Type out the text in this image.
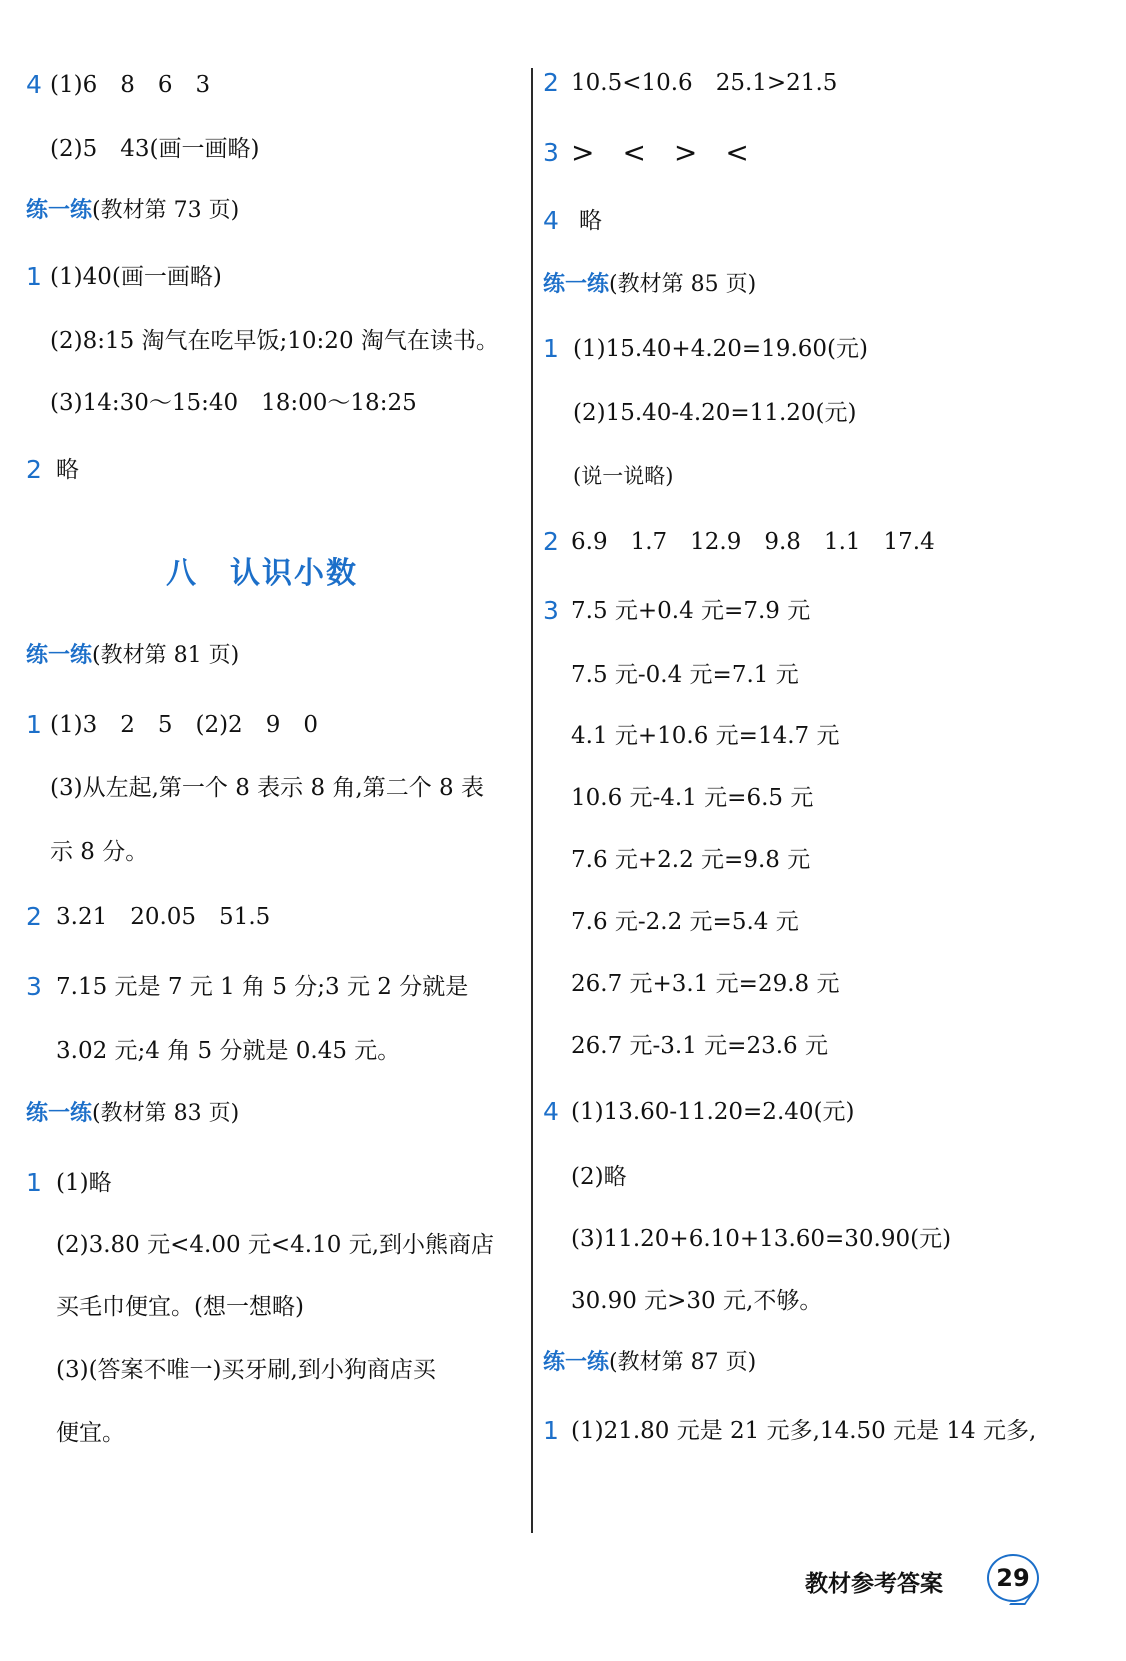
4 (1)6　8　6　3
(2)5　43(画一画略)
练一练(教材第 73 页)
1 (1)40(画一画略)
(2)8:15 淘气在吃早饭;10:20 淘气在读书。
(3)14:30～15:40　18:00～18:25
2 略
八　认识小数
练一练(教材第 81 页)
1 (1)3　2　5　(2)2　9　0
(3)从左起,第一个 8 表示 8 角,第二个 8 表
示 8 分。
2 3.21　20.05　51.5
3 7.15 元是 7 元 1 角 5 分;3 元 2 分就是
3.02 元;4 角 5 分就是 0.45 元。
练一练(教材第 83 页)
1 (1)略
(2)3.80 元<4.00 元<4.10 元,到小熊商店
买毛巾便宜。(想一想略)
(3)(答案不唯一)买牙刷,到小狗商店买
便宜。
2 10.5<10.6　25.1>21.5
3 >　<　>　<
4 略
练一练(教材第 85 页)
1 (1)15.40+4.20=19.60(元)
(2)15.40-4.20=11.20(元)
(说一说略)
2 6.9　1.7　12.9　9.8　1.1　17.4
3 7.5 元+0.4 元=7.9 元
7.5 元-0.4 元=7.1 元
4.1 元+10.6 元=14.7 元
10.6 元-4.1 元=6.5 元
7.6 元+2.2 元=9.8 元
7.6 元-2.2 元=5.4 元
26.7 元+3.1 元=29.8 元
26.7 元-3.1 元=23.6 元
4 (1)13.60-11.20=2.40(元)
(2)略
(3)11.20+6.10+13.60=30.90(元)
30.90 元>30 元,不够。
练一练(教材第 87 页)
1 (1)21.80 元是 21 元多,14.50 元是 14 元多,
教材参考答案	29
